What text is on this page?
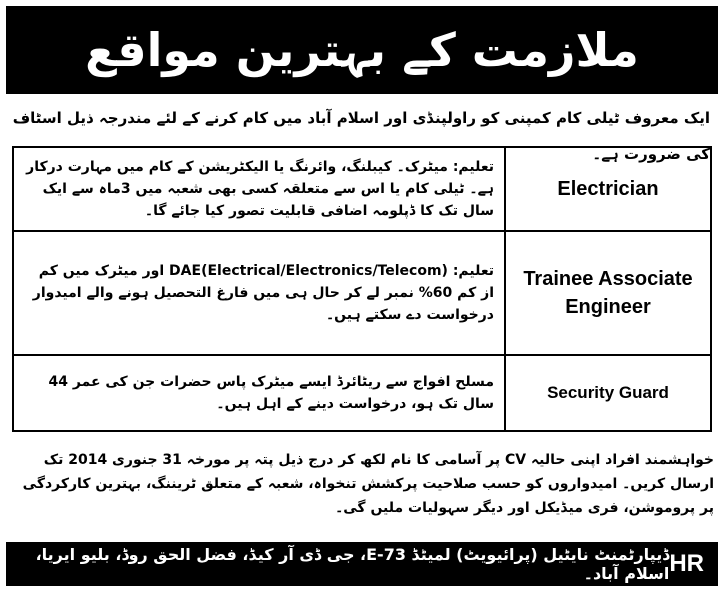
ملازمت کے بہترین مواقع
ایک معروف ٹیلی کام کمپنی کو راولپنڈی اور اسلام آباد میں کام کرنے کے لئے مندرجہ ذیل اسٹاف کی ضرورت ہے۔
تعلیم: میٹرک۔ کیبلنگ، وائرنگ یا الیکٹریشن کے کام میں مہارت درکار ہے۔ ٹیلی کام یا اس سے متعلقہ کسی بھی شعبہ میں 3ماہ سے ایک سال تک کا ڈپلومہ اضافی قابلیت تصور کیا جائے گا۔	Electrician
تعلیم: DAE(Electrical/Electronics/Telecom) اور میٹرک میں کم از کم 60% نمبر لے کر حال ہی میں فارغ التحصیل ہونے والے امیدوار درخواست دے سکتے ہیں۔	Trainee Associate Engineer
مسلح افواج سے ریٹائرڈ ایسے میٹرک پاس حضرات جن کی عمر 44 سال تک ہو، درخواست دینے کے اہل ہیں۔	Security Guard
خواہشمند افراد اپنی حالیہ CV پر آسامی کا نام لکھ کر درج ذیل پتہ پر مورخہ 31 جنوری 2014 تک ارسال کریں۔ امیدواروں کو حسب صلاحیت پرکشش تنخواہ، شعبہ کے متعلق ٹریننگ، بہترین کارکردگی پر پروموشن، فری میڈیکل اور دیگر سہولیات ملیں گی۔
ڈیپارٹمنٹ نایٹیل (پرائیویٹ) لمیٹڈ E-73، جی ڈی آر کیڈ، فضل الحق روڈ، بلیو ایریا، اسلام آباد۔ HR
